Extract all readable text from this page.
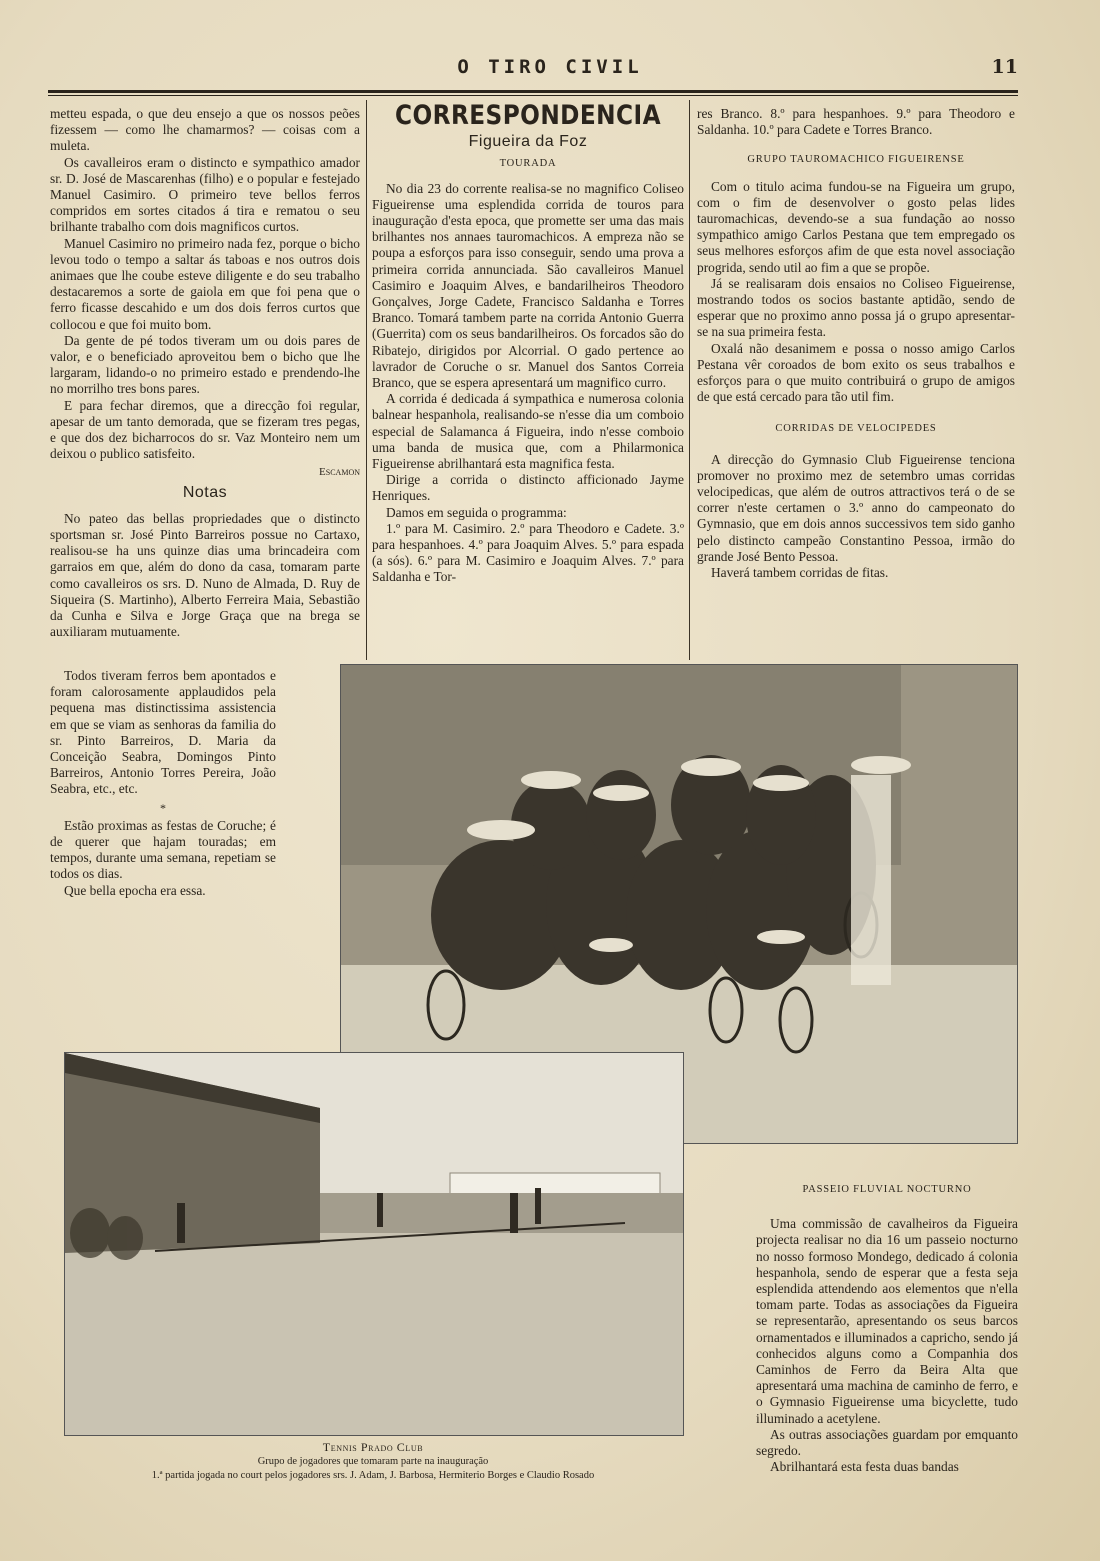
O TIRO CIVIL	11

metteu espada, o que deu ensejo a que os nossos peões fizessem — como lhe chamarmos? — coisas com a muleta.

Os cavalleiros eram o distincto e sympathico amador sr. D. José de Mascarenhas (filho) e o popular e festejado Manuel Casimiro. O primeiro teve bellos ferros compridos em sortes citados á tira e rematou o seu brilhante trabalho com dois magnificos curtos.

Manuel Casimiro no primeiro nada fez, porque o bicho levou todo o tempo a saltar ás taboas e nos outros dois animaes que lhe coube esteve diligente e do seu trabalho destacaremos a sorte de gaiola em que foi pena que o ferro ficasse descahido e um dos dois ferros curtos que collocou e que foi muito bom.

Da gente de pé todos tiveram um ou dois pares de valor, e o beneficiado aproveitou bem o bicho que lhe largaram, lidando-o no primeiro estado e prendendo-lhe no morrilho tres bons pares.

E para fechar diremos, que a direcção foi regular, apesar de um tanto demorada, que se fizeram tres pegas, e que dos dez bicharrocos do sr. Vaz Monteiro nem um deixou o publico satisfeito.

Escamon
Notas

No pateo das bellas propriedades que o distincto sportsman sr. José Pinto Barreiros possue no Cartaxo, realisou-se ha uns quinze dias uma brincadeira com garraios em que, além do dono da casa, tomaram parte como cavalleiros os srs. D. Nuno de Almada, D. Ruy de Siqueira (S. Martinho), Alberto Ferreira Maia, Sebastião da Cunha e Silva e Jorge Graça que na brega se auxiliaram mutuamente.

Todos tiveram ferros bem apontados e foram calorosamente applaudidos pela pequena mas distinctissima assistencia em que se viam as senhoras da familia do sr. Pinto Barreiros, D. Maria da Conceição Seabra, Domingos Pinto Barreiros, Antonio Torres Pereira, João Seabra, etc., etc.

*

Estão proximas as festas de Coruche; é de querer que hajam touradas; em tempos, durante uma semana, repetiam se todos os dias.

Que bella epocha era essa.

CORRESPONDENCIA
Figueira da Foz
TOURADA

No dia 23 do corrente realisa-se no magnifico Coliseo Figueirense uma esplendida corrida de touros para inauguração d'esta epoca, que promette ser uma das mais brilhantes nos annaes tauromachicos. A empreza não se poupa a esforços para isso conseguir, sendo uma prova a primeira corrida annunciada. São cavalleiros Manuel Casimiro e Joaquim Alves, e bandarilheiros Theodoro Gonçalves, Jorge Cadete, Francisco Saldanha e Torres Branco. Tomará tambem parte na corrida Antonio Guerra (Guerrita) com os seus bandarilheiros. Os forcados são do Ribatejo, dirigidos por Alcorrial. O gado pertence ao lavrador de Coruche o sr. Manuel dos Santos Correia Branco, que se espera apresentará um magnifico curro.

A corrida é dedicada á sympathica e numerosa colonia balnear hespanhola, realisando-se n'esse dia um comboio especial de Salamanca á Figueira, indo n'esse comboio uma banda de musica que, com a Philarmonica Figueirense abrilhantará esta magnifica festa.

Dirige a corrida o distincto afficionado Jayme Henriques.

Damos em seguida o programma:

1.º para M. Casimiro. 2.º para Theodoro e Cadete. 3.º para hespanhoes. 4.º para Joaquim Alves. 5.º para espada (a sós). 6.º para M. Casimiro e Joaquim Alves. 7.º para Saldanha e Tor-

res Branco. 8.º para hespanhoes. 9.º para Theodoro e Saldanha. 10.º para Cadete e Torres Branco.

GRUPO TAUROMACHICO FIGUEIRENSE

Com o titulo acima fundou-se na Figueira um grupo, com o fim de desenvolver o gosto pelas lides tauromachicas, devendo-se a sua fundação ao nosso sympathico amigo Carlos Pestana que tem empregado os seus melhores esforços afim de que esta novel associação progrida, sendo util ao fim a que se propõe.

Já se realisaram dois ensaios no Coliseo Figueirense, mostrando todos os socios bastante aptidão, sendo de esperar que no proximo anno possa já o grupo apresentar-se na sua primeira festa.

Oxalá não desanimem e possa o nosso amigo Carlos Pestana vêr coroados de bom exito os seus trabalhos e esforços para o que muito contribuirá o grupo de amigos de que está cercado para tão util fim.

CORRIDAS DE VELOCIPEDES

A direcção do Gymnasio Club Figueirense tenciona promover no proximo mez de setembro umas corridas velocipedicas, que além de outros attractivos terá o de se correr n'este certamen o 3.º anno do campeonato do Gymnasio, que em dois annos successivos tem sido ganho pelo distincto campeão Constantino Pessoa, irmão do grande José Bento Pessoa.

Haverá tambem corridas de fitas.

PASSEIO FLUVIAL NOCTURNO

Uma commissão de cavalheiros da Figueira projecta realisar no dia 16 um passeio nocturno no nosso formoso Mondego, dedicado á colonia hespanhola, sendo de esperar que a festa seja esplendida attendendo aos elementos que n'ella tomam parte. Todas as associações da Figueira se representarão, apresentando os seus barcos ornamentados e illuminados a capricho, sendo já conhecidos alguns como a Companhia dos Caminhos de Ferro da Beira Alta que apresentará uma machina de caminho de ferro, e o Gymnasio Figueirense uma bicyclette, tudo illuminado a acetylene.

As outras associações guardam por emquanto segredo.

Abrilhantará esta festa duas bandas

Tennis Prado Club
Grupo de jogadores que tomaram parte na inauguração
1.ª partida jogada no court pelos jogadores srs. J. Adam, J. Barbosa, Hermiterio Borges e Claudio Rosado
